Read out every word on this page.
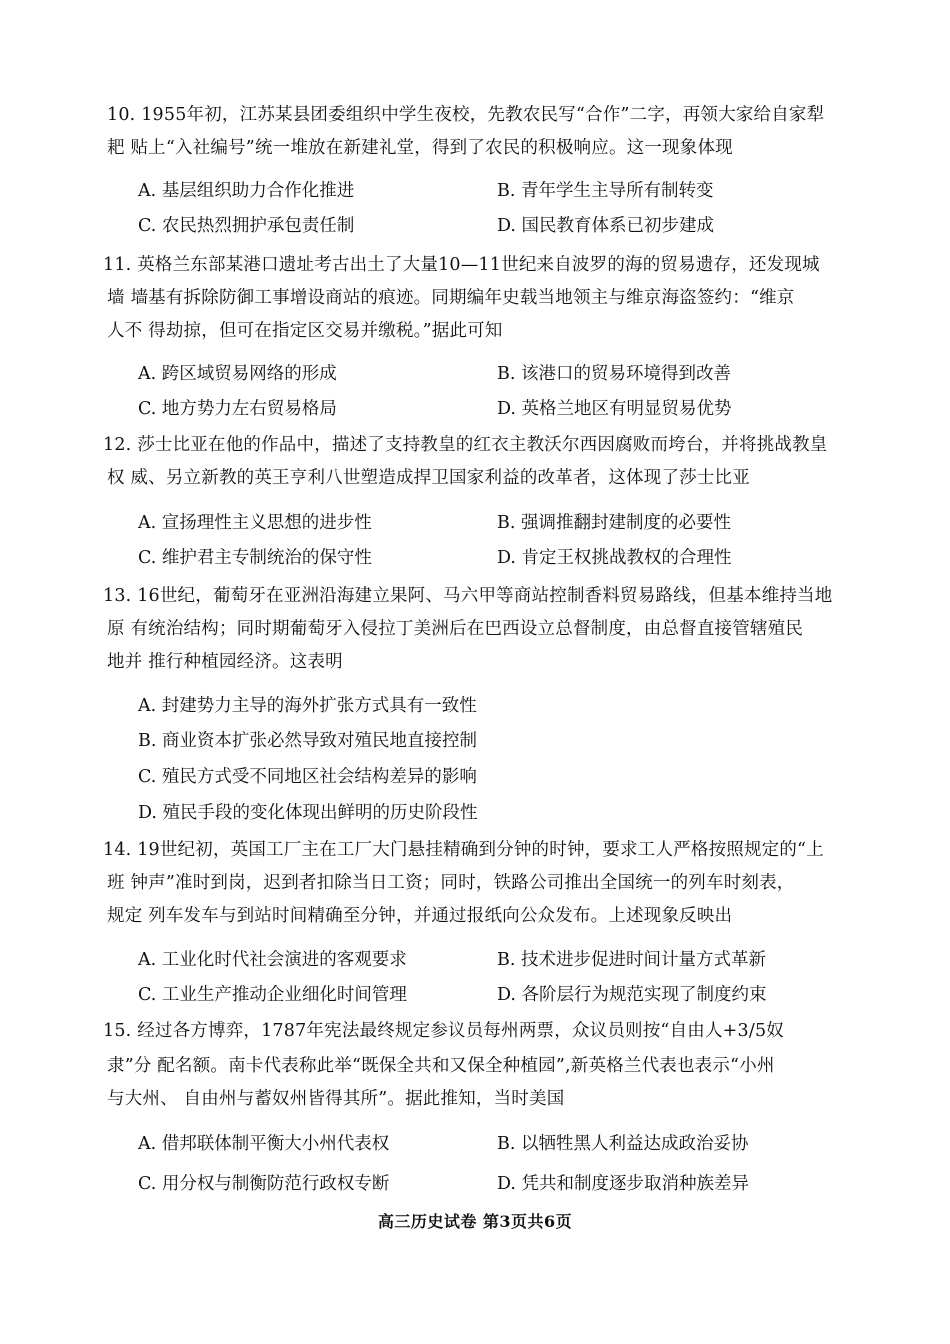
10. 1955年初，江苏某县团委组织中学生夜校，先教农民写“合作”二字，再领大家给自家犁
耙 贴上“入社编号”统一堆放在新建礼堂，得到了农民的积极响应。这一现象体现
A. 基层组织助力合作化推进	B. 青年学生主导所有制转变
C. 农民热烈拥护承包责任制	D. 国民教育体系已初步建成
11. 英格兰东部某港口遗址考古出土了大量10—11世纪来自波罗的海的贸易遗存，还发现城
墙 墙基有拆除防御工事增设商站的痕迹。同期编年史载当地领主与维京海盗签约：“维京
人不 得劫掠，但可在指定区交易并缴税。”据此可知
A. 跨区域贸易网络的形成	B. 该港口的贸易环境得到改善
C. 地方势力左右贸易格局	D. 英格兰地区有明显贸易优势
12. 莎士比亚在他的作品中，描述了支持教皇的红衣主教沃尔西因腐败而垮台，并将挑战教皇
权 威、另立新教的英王亨利八世塑造成捍卫国家利益的改革者，这体现了莎士比亚
A. 宣扬理性主义思想的进步性	B. 强调推翻封建制度的必要性
C. 维护君主专制统治的保守性	D. 肯定王权挑战教权的合理性
13. 16世纪，葡萄牙在亚洲沿海建立果阿、马六甲等商站控制香料贸易路线，但基本维持当地
原 有统治结构；同时期葡萄牙入侵拉丁美洲后在巴西设立总督制度，由总督直接管辖殖民
地并 推行种植园经济。这表明
A. 封建势力主导的海外扩张方式具有一致性
B. 商业资本扩张必然导致对殖民地直接控制
C. 殖民方式受不同地区社会结构差异的影响
D. 殖民手段的变化体现出鲜明的历史阶段性
14. 19世纪初，英国工厂主在工厂大门悬挂精确到分钟的时钟，要求工人严格按照规定的“上
班 钟声”准时到岗，迟到者扣除当日工资；同时，铁路公司推出全国统一的列车时刻表，
规定 列车发车与到站时间精确至分钟，并通过报纸向公众发布。上述现象反映出
A. 工业化时代社会演进的客观要求	B. 技术进步促进时间计量方式革新
C. 工业生产推动企业细化时间管理	D. 各阶层行为规范实现了制度约束
15. 经过各方博弈，1787年宪法最终规定参议员每州两票，众议员则按“自由人+3/5奴
隶”分 配名额。南卡代表称此举“既保全共和又保全种植园”,新英格兰代表也表示“小州
与大州、 自由州与蓄奴州皆得其所”。据此推知，当时美国
A. 借邦联体制平衡大小州代表权	B. 以牺牲黑人利益达成政治妥协
C. 用分权与制衡防范行政权专断	D. 凭共和制度逐步取消种族差异
高三历史试卷 第3页共6页
